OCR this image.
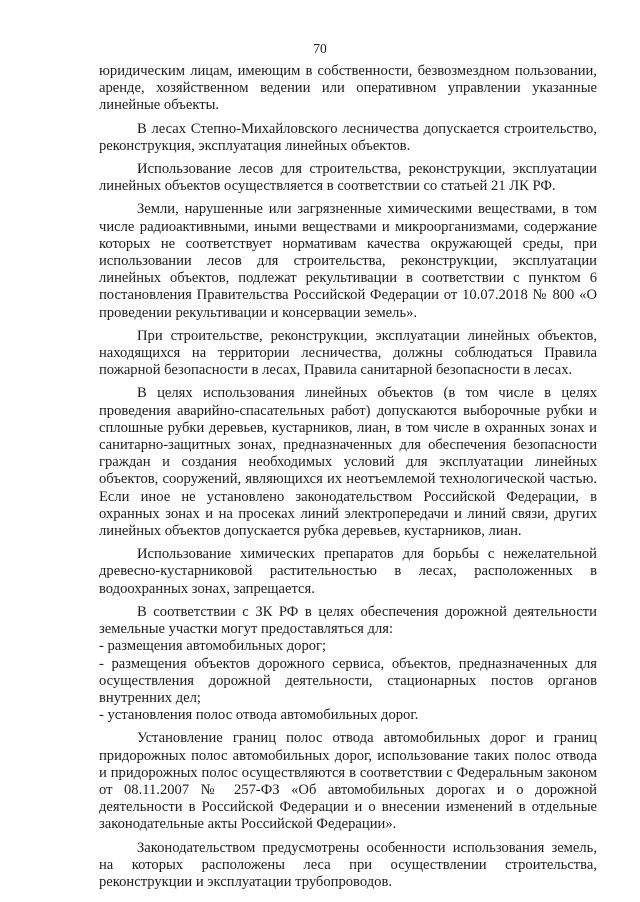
70

юридическим лицам, имеющим в собственности, безвозмездном пользовании, аренде, хозяйственном ведении или оперативном управлении указанные линейные объекты.

В лесах Степно-Михайловского лесничества допускается строительство, реконструкция, эксплуатация линейных объектов.

Использование лесов для строительства, реконструкции, эксплуатации линейных объектов осуществляется в соответствии со статьей 21 ЛК РФ.

Земли, нарушенные или загрязненные химическими веществами, в том числе радиоактивными, иными веществами и микроорганизмами, содержание которых не соответствует нормативам качества окружающей среды, при использовании лесов для строительства, реконструкции, эксплуатации линейных объектов, подлежат рекультивации в соответствии с пунктом 6 постановления Правительства Российской Федерации от 10.07.2018 № 800 «О проведении рекультивации и консервации земель».

При строительстве, реконструкции, эксплуатации линейных объектов, находящихся на территории лесничества, должны соблюдаться Правила пожарной безопасности в лесах, Правила санитарной безопасности в лесах.

В целях использования линейных объектов (в том числе в целях проведения аварийно-спасательных работ) допускаются выборочные рубки и сплошные рубки деревьев, кустарников, лиан, в том числе в охранных зонах и санитарно-защитных зонах, предназначенных для обеспечения безопасности граждан и создания необходимых условий для эксплуатации линейных объектов, сооружений, являющихся их неотъемлемой технологической частью. Если иное не установлено законодательством Российской Федерации, в охранных зонах и на просеках линий электропередачи и линий связи, других линейных объектов допускается рубка деревьев, кустарников, лиан.

Использование химических препаратов для борьбы с нежелательной древесно-кустарниковой растительностью в лесах, расположенных в водоохранных зонах, запрещается.

В соответствии с ЗК РФ в целях обеспечения дорожной деятельности земельные участки могут предоставляться для:

- размещения автомобильных дорог;

- размещения объектов дорожного сервиса, объектов, предназначенных для осуществления дорожной деятельности, стационарных постов органов внутренних дел;

- установления полос отвода автомобильных дорог.

Установление границ полос отвода автомобильных дорог и границ придорожных полос автомобильных дорог, использование таких полос отвода и придорожных полос осуществляются в соответствии с Федеральным законом от 08.11.2007 № 257-ФЗ «Об автомобильных дорогах и о дорожной деятельности в Российской Федерации и о внесении изменений в отдельные законодательные акты Российской Федерации».

Законодательством предусмотрены особенности использования земель, на которых расположены леса при осуществлении строительства, реконструкции и эксплуатации трубопроводов.
